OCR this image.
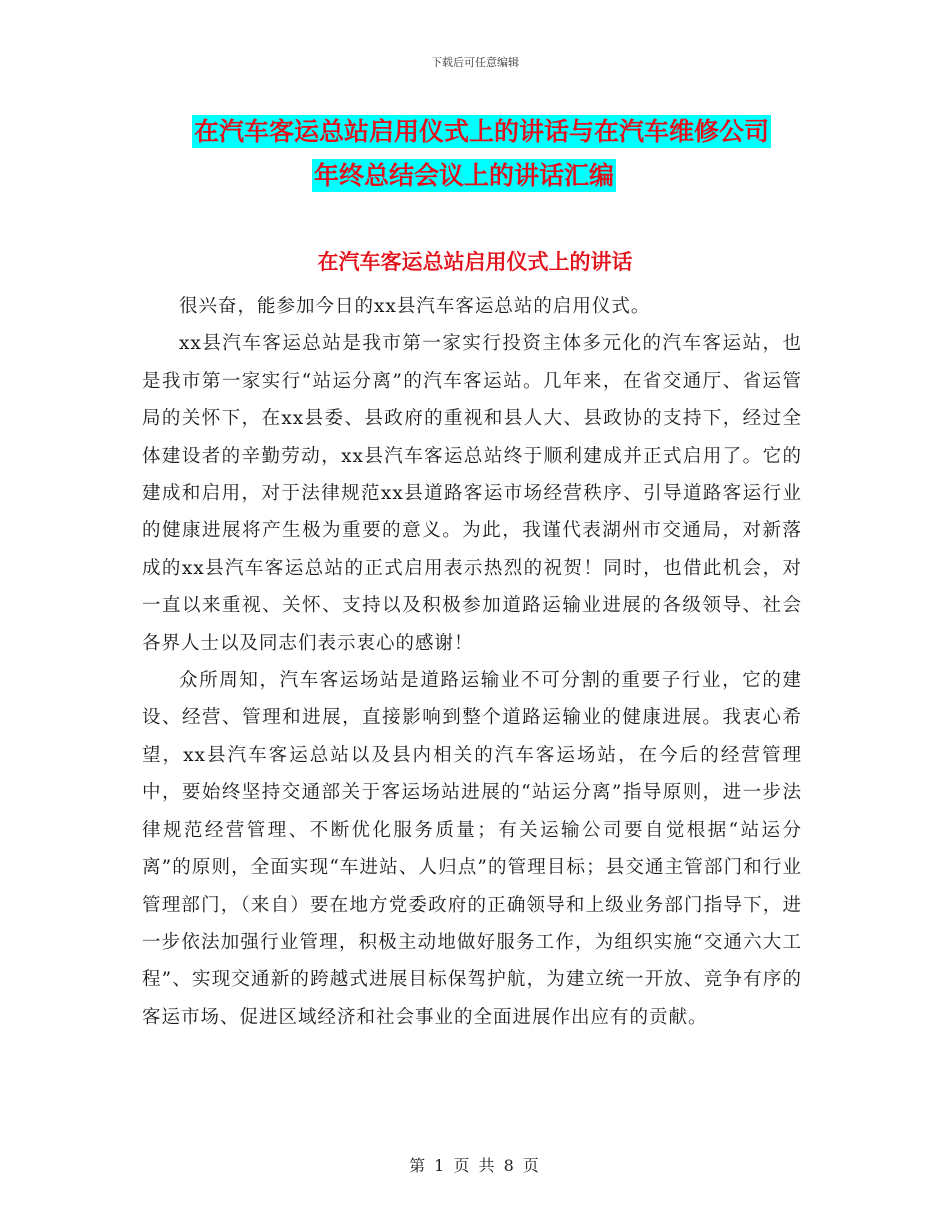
下载后可任意编辑
在汽车客运总站启用仪式上的讲话与在汽车维修公司
年终总结会议上的讲话汇编
在汽车客运总站启用仪式上的讲话

很兴奋，能参加今日的xx县汽车客运总站的启用仪式。

xx县汽车客运总站是我市第一家实行投资主体多元化的汽车客运站，也是我市第一家实行“站运分离”的汽车客运站。几年来，在省交通厅、省运管局的关怀下，在xx县委、县政府的重视和县人大、县政协的支持下，经过全体建设者的辛勤劳动，xx县汽车客运总站终于顺利建成并正式启用了。它的建成和启用，对于法律规范xx县道路客运市场经营秩序、引导道路客运行业的健康进展将产生极为重要的意义。为此，我谨代表湖州市交通局，对新落成的xx县汽车客运总站的正式启用表示热烈的祝贺！同时，也借此机会，对一直以来重视、关怀、支持以及积极参加道路运输业进展的各级领导、社会各界人士以及同志们表示衷心的感谢！

众所周知，汽车客运场站是道路运输业不可分割的重要子行业，它的建设、经营、管理和进展，直接影响到整个道路运输业的健康进展。我衷心希望，xx县汽车客运总站以及县内相关的汽车客运场站，在今后的经营管理中，要始终坚持交通部关于客运场站进展的“站运分离”指导原则，进一步法律规范经营管理、不断优化服务质量；有关运输公司要自觉根据“站运分离”的原则，全面实现“车进站、人归点”的管理目标；县交通主管部门和行业管理部门，（来自）要在地方党委政府的正确领导和上级业务部门指导下，进一步依法加强行业管理，积极主动地做好服务工作，为组织实施“交通六大工程”、实现交通新的跨越式进展目标保驾护航，为建立统一开放、竞争有序的客运市场、促进区域经济和社会事业的全面进展作出应有的贡献。

第 1 页 共 8 页
